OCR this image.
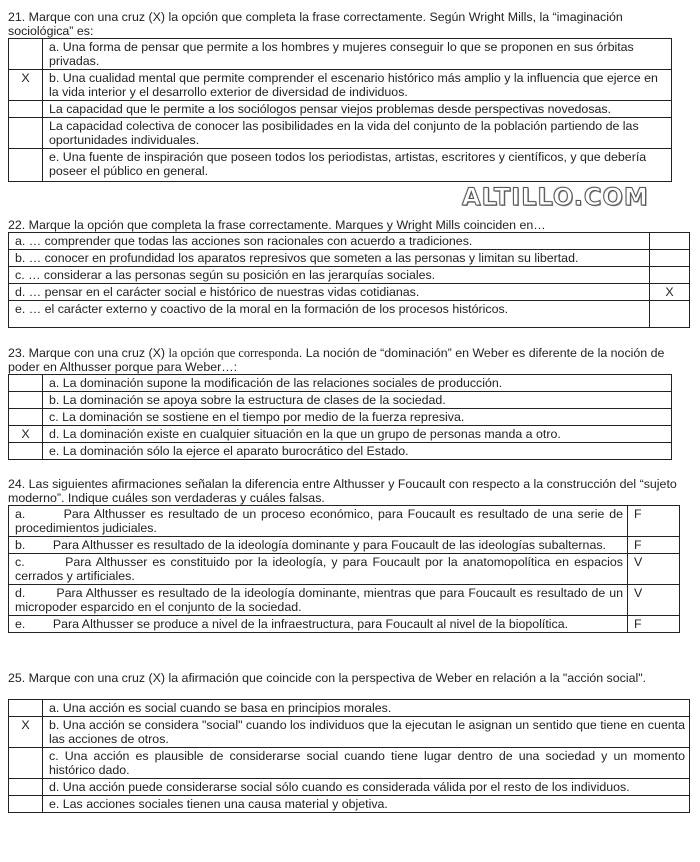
21. Marque con una cruz (X) la opción que completa la frase correctamente. Según Wright Mills, la “imaginación sociológica” es:

	a. Una forma de pensar que permite a los hombres y mujeres conseguir lo que se proponen en sus órbitas privadas.
X	b. Una cualidad mental que permite comprender el escenario histórico más amplio y la influencia que ejerce en la vida interior y el desarrollo exterior de diversidad de individuos.
	La capacidad que le permite a los sociólogos pensar viejos problemas desde perspectivas novedosas.
	La capacidad colectiva de conocer las posibilidades en la vida del conjunto de la población partiendo de las oportunidades individuales.
	e. Una fuente de inspiración que poseen todos los periodistas, artistas, escritores y científicos, y que debería poseer el público en general.
ALTILLO.COM

22. Marque la opción que completa la frase correctamente. Marques y Wright Mills coinciden en…

a. … comprender que todas las acciones son racionales con acuerdo a tradiciones.	
b. … conocer en profundidad los aparatos represivos que someten a las personas y limitan su libertad.	
c. … considerar a las personas según su posición en las jerarquías sociales.	
d. … pensar en el carácter social e histórico de nuestras vidas cotidianas.	X
e. … el carácter externo y coactivo de la moral en la formación de los procesos históricos.	

23. Marque con una cruz (X) la opción que corresponda. La noción de “dominación” en Weber es diferente de la noción de poder en Althusser porque para Weber…:

	a. La dominación supone la modificación de las relaciones sociales de producción.
	b. La dominación se apoya sobre la estructura de clases de la sociedad.
	c. La dominación se sostiene en el tiempo por medio de la fuerza represiva.
X	d. La dominación existe en cualquier situación en la que un grupo de personas manda a otro.
	e. La dominación sólo la ejerce el aparato burocrático del Estado.

24. Las siguientes afirmaciones señalan la diferencia entre Althusser y Foucault con respecto a la construcción del “sujeto moderno”. Indique cuáles son verdaderas y cuáles falsas.

a.        Para Althusser es resultado de un proceso económico, para Foucault es resultado de una serie de procedimientos judiciales.	F
b.        Para Althusser es resultado de la ideología dominante y para Foucault de las ideologías subalternas.	F
c.        Para Althusser es constituido por la ideología, y para Foucault por la anatomopolítica en espacios cerrados y artificiales.	V
d.        Para Althusser es resultado de la ideología dominante, mientras que para Foucault es resultado de un micropoder esparcido en el conjunto de la sociedad.	V
e.        Para Althusser se produce a nivel de la infraestructura, para Foucault al nivel de la biopolítica.	F

25. Marque con una cruz (X) la afirmación que coincide con la perspectiva de Weber en relación a la "acción social".

	a. Una acción es social cuando se basa en principios morales.
X	b. Una acción se considera "social" cuando los individuos que la ejecutan le asignan un sentido que tiene en cuenta las acciones de otros.
	c. Una acción es plausible de considerarse social cuando tiene lugar dentro de una sociedad y un momento histórico dado.
	d. Una acción puede considerarse social sólo cuando es considerada válida por el resto de los individuos.
	e. Las acciones sociales tienen una causa material y objetiva.
